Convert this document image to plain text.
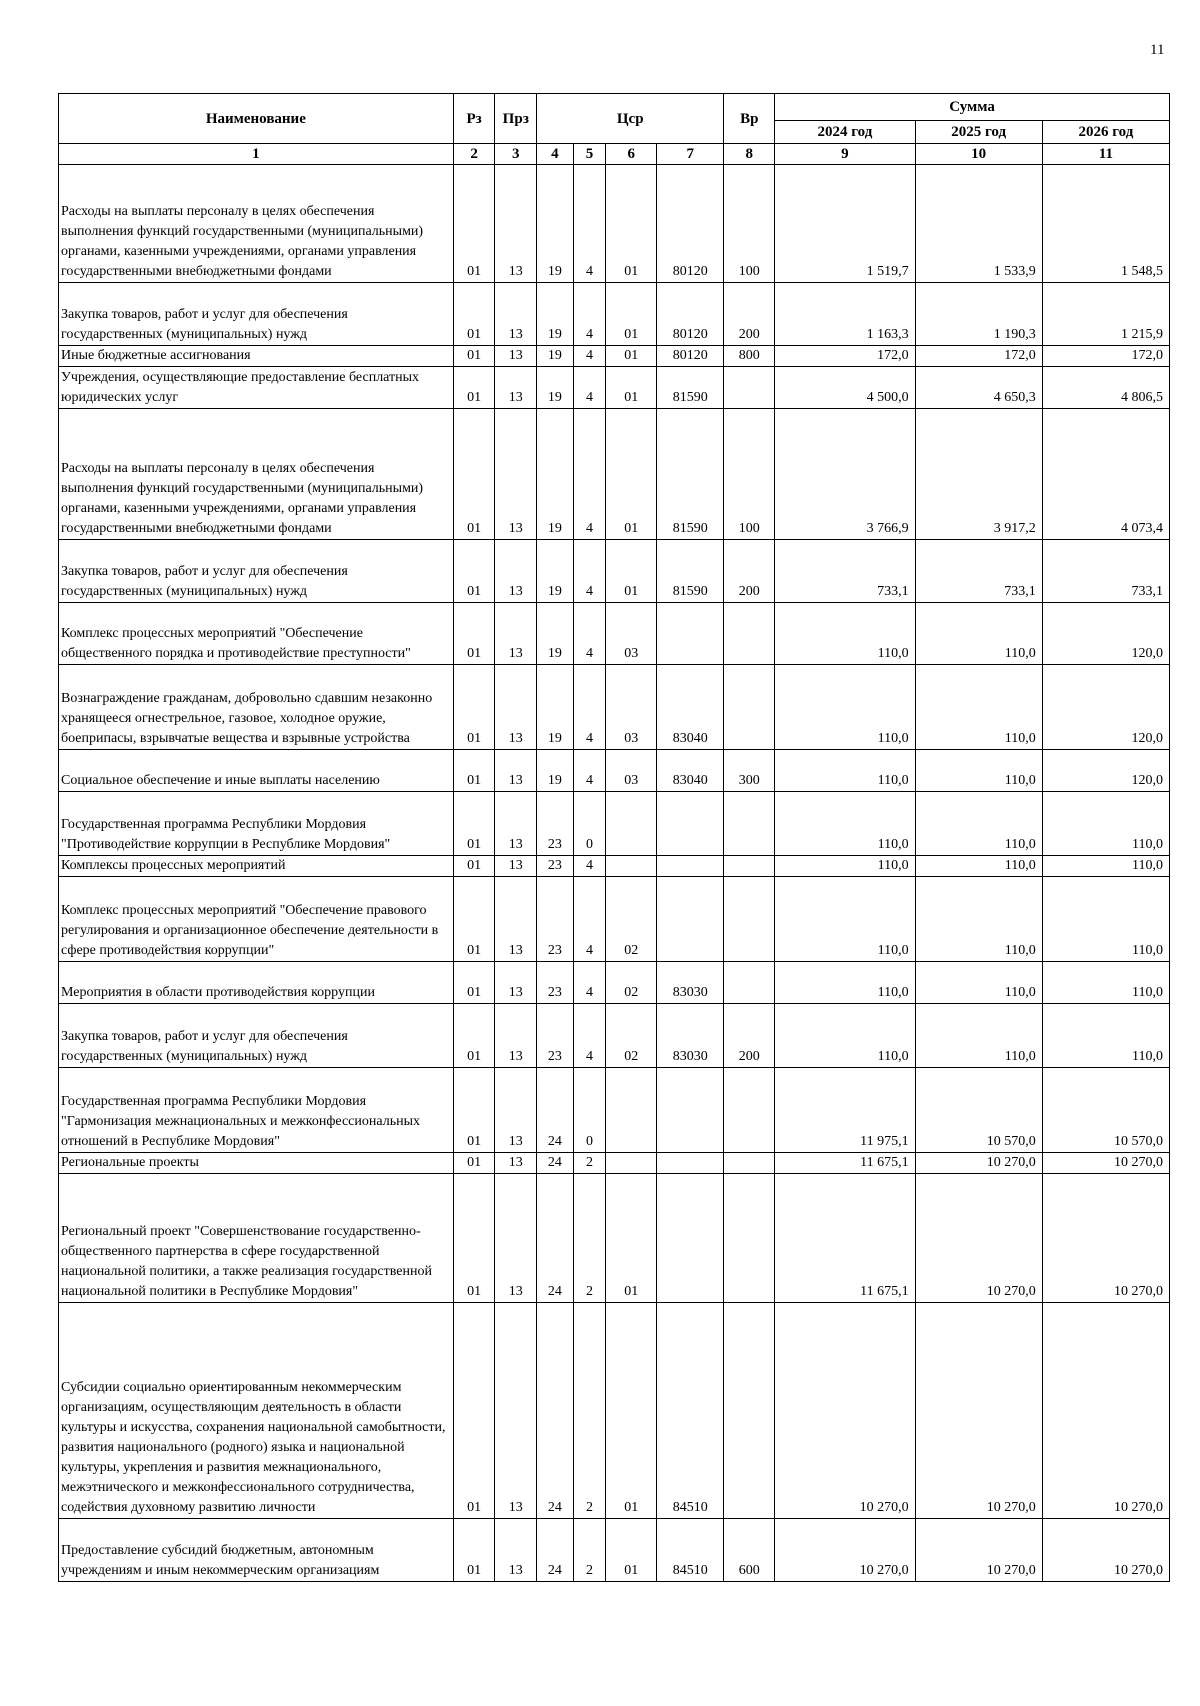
11
Наименование	Рз	Прз	Цср				Вр	Сумма		
								2024 год	2025 год	2026 год
1	2	3	4	5	6	7	8	9	10	11
Расходы на выплаты персоналу в целях обеспечения выполнения функций государственными (муниципальными) органами, казенными учреждениями, органами управления государственными внебюджетными фондами	01	13	19	4	01	80120	100	1 519,7	1 533,9	1 548,5
Закупка товаров, работ и услуг для обеспечения государственных (муниципальных) нужд	01	13	19	4	01	80120	200	1 163,3	1 190,3	1 215,9
Иные бюджетные ассигнования	01	13	19	4	01	80120	800	172,0	172,0	172,0
Учреждения, осуществляющие предоставление бесплатных юридических услуг	01	13	19	4	01	81590		4 500,0	4 650,3	4 806,5
Расходы на выплаты персоналу в целях обеспечения выполнения функций государственными (муниципальными) органами, казенными учреждениями, органами управления государственными внебюджетными фондами	01	13	19	4	01	81590	100	3 766,9	3 917,2	4 073,4
Закупка товаров, работ и услуг для обеспечения государственных (муниципальных) нужд	01	13	19	4	01	81590	200	733,1	733,1	733,1
Комплекс процессных мероприятий "Обеспечение общественного порядка и противодействие преступности"	01	13	19	4	03			110,0	110,0	120,0
Вознаграждение гражданам, добровольно сдавшим незаконно хранящееся огнестрельное, газовое, холодное оружие, боеприпасы, взрывчатые вещества и взрывные устройства	01	13	19	4	03	83040		110,0	110,0	120,0
Социальное обеспечение и иные выплаты населению	01	13	19	4	03	83040	300	110,0	110,0	120,0
Государственная программа Республики Мордовия "Противодействие коррупции в Республике Мордовия"	01	13	23	0				110,0	110,0	110,0
Комплексы процессных мероприятий	01	13	23	4				110,0	110,0	110,0
Комплекс процессных мероприятий "Обеспечение правового регулирования и организационное обеспечение деятельности в сфере противодействия коррупции"	01	13	23	4	02			110,0	110,0	110,0
Мероприятия в области противодействия коррупции	01	13	23	4	02	83030		110,0	110,0	110,0
Закупка товаров, работ и услуг для обеспечения государственных (муниципальных) нужд	01	13	23	4	02	83030	200	110,0	110,0	110,0
Государственная программа Республики Мордовия "Гармонизация межнациональных и межконфессиональных отношений в Республике Мордовия"	01	13	24	0				11 975,1	10 570,0	10 570,0
Региональные проекты	01	13	24	2				11 675,1	10 270,0	10 270,0
Региональный проект "Совершенствование государственно-общественного партнерства в сфере государственной национальной политики, а также реализация государственной национальной политики в Республике Мордовия"	01	13	24	2	01			11 675,1	10 270,0	10 270,0
Субсидии социально ориентированным некоммерческим организациям, осуществляющим деятельность в области культуры и искусства, сохранения национальной самобытности, развития национального (родного) языка и национальной культуры, укрепления и развития межнационального, межэтнического и межконфессионального сотрудничества, содействия духовному развитию личности	01	13	24	2	01	84510		10 270,0	10 270,0	10 270,0
Предоставление субсидий бюджетным, автономным учреждениям и иным некоммерческим организациям	01	13	24	2	01	84510	600	10 270,0	10 270,0	10 270,0
